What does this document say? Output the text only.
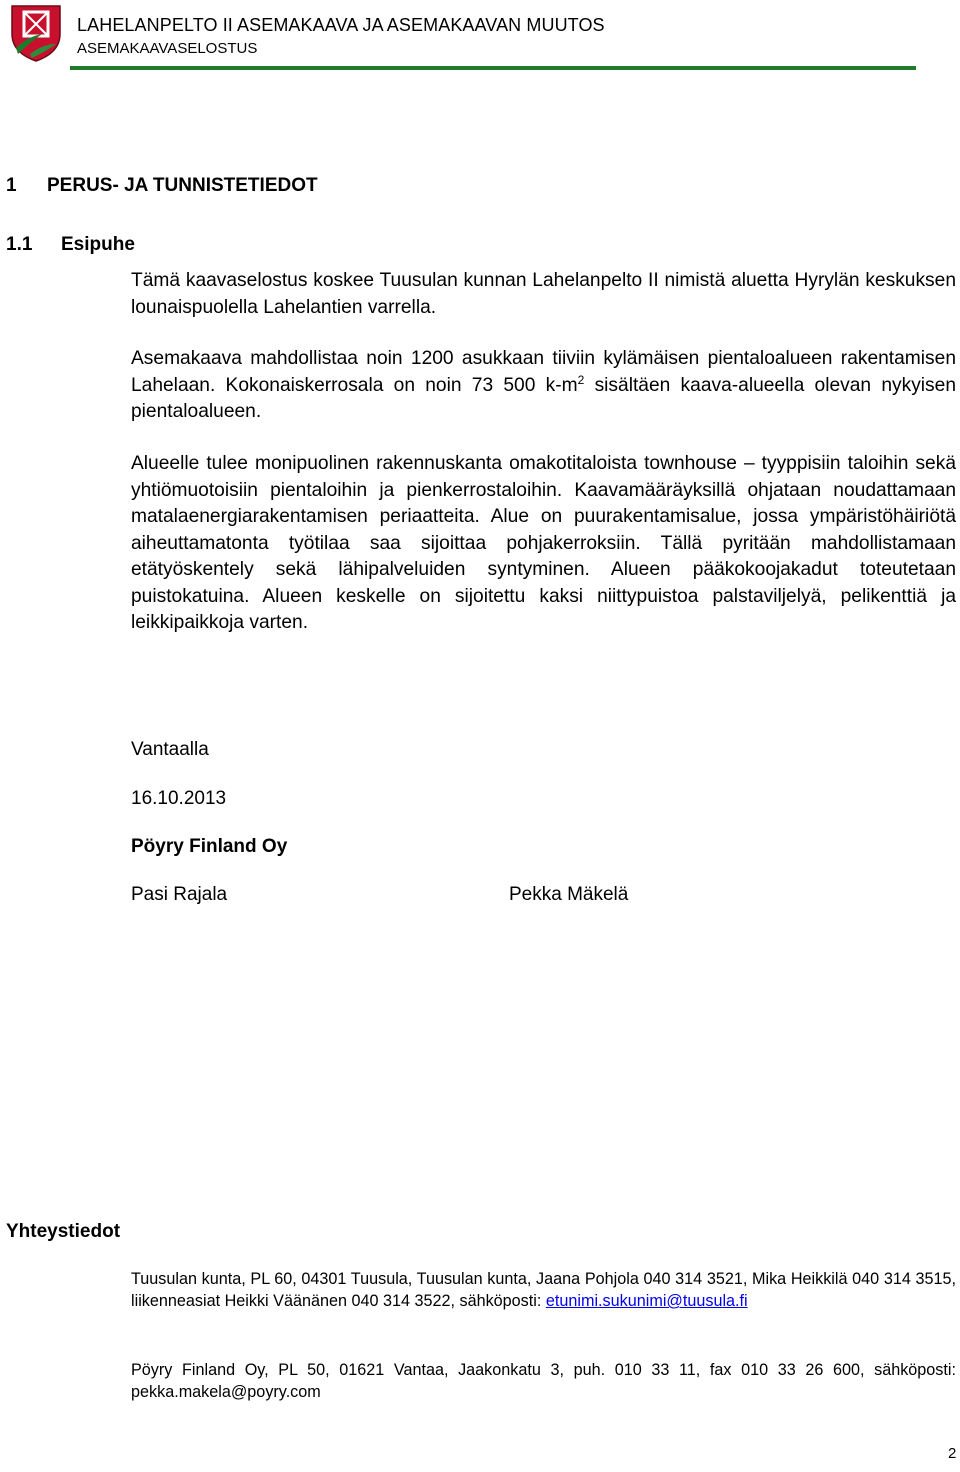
LAHELANPELTO II ASEMAKAAVA JA ASEMAKAAVAN MUUTOS
ASEMAKAAVASELOSTUS
1 PERUS- JA TUNNISTETIEDOT
1.1 Esipuhe
Tämä kaavaselostus koskee Tuusulan kunnan Lahelanpelto II nimistä aluetta Hyrylän keskuksen lounaispuolella Lahelantien varrella.
Asemakaava mahdollistaa noin 1200 asukkaan tiiviin kylämäisen pientaloalueen rakentamisen Lahelaan. Kokonaiskerrosala on noin 73 500 $k-m^2$ sisältäen kaava-alueella olevan nykyisen pientaloalueen.
Alueelle tulee monipuolinen rakennuskanta omakotitaloista townhouse – tyyppisiin taloihin sekä yhtiömuotoisiin pientaloihin ja pienkerrostaloihin. Kaavamääräyksillä ohjataan noudattamaan matalaenergiarakentamisen periaatteita. Alue on puurakentamisalue, jossa ympäristöhäiriötä aiheuttamatonta työtilaa saa sijoittaa pohjakerroksiin. Tällä pyritään mahdollistamaan etätyöskentely sekä lähipalveluiden syntyminen. Alueen pääkokoojakadut toteutetaan puistokatuina. Alueen keskelle on sijoitettu kaksi niittypuistoa palstaviljelyä, pelikenttiä ja leikkipaikkoja varten.
Vantaalla
16.10.2013
Pöyry Finland Oy
Pasi Rajala	Pekka Mäkelä
Yhteystiedot
Tuusulan kunta, PL 60, 04301 Tuusula, Tuusulan kunta, Jaana Pohjola 040 314 3521, Mika Heikkilä 040 314 3515, liikenneasiat Heikki Väänänen 040 314 3522, sähköposti: etunimi.sukunimi@tuusula.fi
Pöyry Finland Oy, PL 50, 01621 Vantaa, Jaakonkatu 3, puh. 010 33 11, fax 010 33 26 600, sähköposti: pekka.makela@poyry.com
2
